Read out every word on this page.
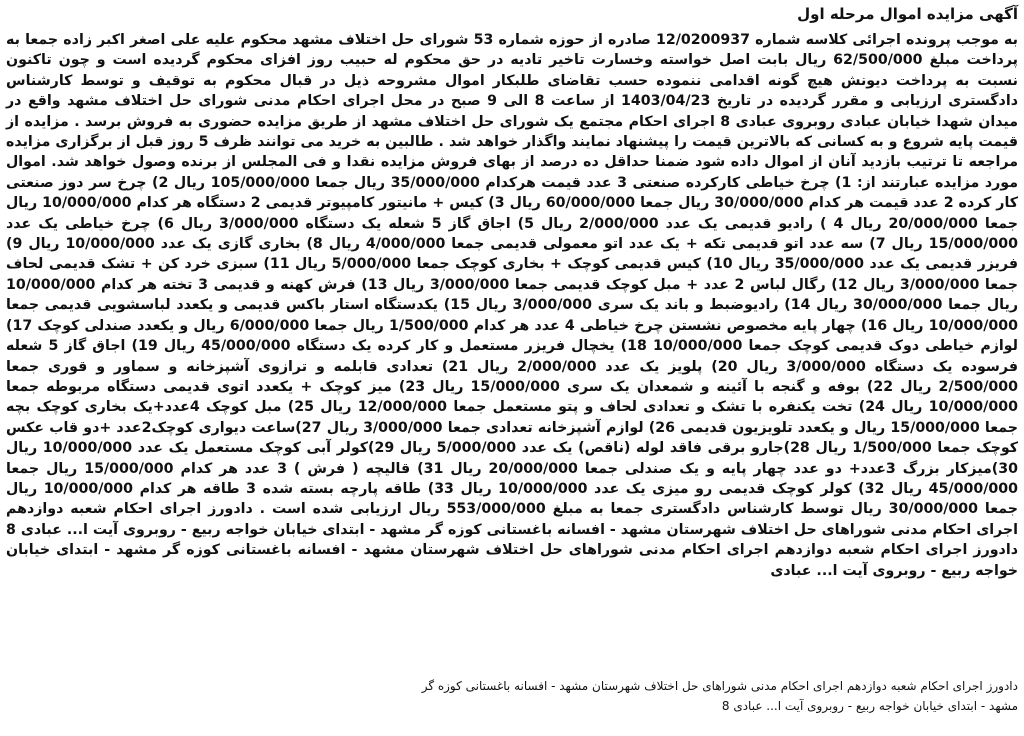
آگهی مزایده اموال مرحله اول

به موجب پرونده اجرائی کلاسه شماره 12/0200937 صادره از حوزه شماره 53 شورای حل اختلاف مشهد محکوم علیه علی اصغر اکبر زاده جمعا به پرداخت مبلغ 62/500/000 ریال بابت اصل خواسته وخسارت تاخیر تادیه در حق محکوم له حبیب روز افزای محکوم گردیده است و چون تاکنون نسبت به پرداخت دیونش هیچ گونه اقدامی ننموده حسب تقاضای طلبکار اموال مشروحه ذیل در قبال محکوم به توقیف و توسط کارشناس دادگستری ارزیابی و مقرر گردیده در تاریخ 1403/04/23 از ساعت 8 الی 9 صبح در محل اجرای احکام مدنی شورای حل اختلاف مشهد واقع در میدان شهدا خیابان عبادی روبروی عبادی 8 اجرای احکام مجتمع یک شورای حل اختلاف مشهد از طریق مزایده حضوری به فروش برسد . مزایده از قیمت پایه شروع و به کسانی که بالاترین قیمت را پیشنهاد نمایند واگذار خواهد شد . طالبین به خرید می توانند ظرف 5 روز قبل از برگزاری مزایده مراجعه تا ترتیب بازدید آنان از اموال داده شود ضمنا حداقل ده درصد از بهای فروش مزایده نقدا و فی المجلس از برنده وصول خواهد شد. اموال مورد مزایده عبارتند از: 1) چرخ خیاطی کارکرده صنعتی 3 عدد قیمت هرکدام 35/000/000 ریال جمعا 105/000/000 ریال 2) چرخ سر دوز صنعتی کار کرده 2 عدد قیمت هر کدام 30/000/000 ریال جمعا 60/000/000 ریال 3) کیس + مانیتور کامپیوتر قدیمی 2 دستگاه هر کدام 10/000/000 ریال جمعا 20/000/000 ریال 4 ) رادیو قدیمی یک عدد 2/000/000 ریال 5) اجاق گاز 5 شعله یک دستگاه 3/000/000 ریال 6) چرخ خیاطی یک عدد 15/000/000 ریال 7) سه عدد اتو قدیمی تکه + یک عدد اتو معمولی قدیمی جمعا 4/000/000 ریال 8) بخاری گازی یک عدد 10/000/000 ریال 9) فریزر قدیمی یک عدد 35/000/000 ریال 10) کیس قدیمی کوچک + بخاری کوچک جمعا 5/000/000 ریال 11) سبزی خرد کن + تشک قدیمی لحاف جمعا 3/000/000 ریال 12) رگال لباس 2 عدد + مبل کوچک قدیمی جمعا 3/000/000 ریال 13) فرش کهنه و قدیمی 3 تخته هر کدام 10/000/000 ریال جمعا 30/000/000 ریال 14) رادیوضبط و باند یک سری 3/000/000 ریال 15) یکدستگاه استار باکس قدیمی و یکعدد لباسشویی قدیمی جمعا 10/000/000 ریال 16) چهار پایه مخصوص نشستن چرخ خیاطی 4 عدد هر کدام 1/500/000 ریال جمعا 6/000/000 ریال و یکعدد صندلی کوچک 17) لوازم خیاطی دوک قدیمی کوچک جمعا 10/000/000 18) یخچال فریزر مستعمل و کار کرده یک دستگاه 45/000/000 ریال 19) اجاق گاز 5 شعله فرسوده یک دستگاه 3/000/000 ریال 20) پلویز یک عدد 2/000/000 ریال 21) تعدادی قابلمه و ترازوی آشپزخانه و سماور و قوری جمعا 2/500/000 ریال 22) بوفه و گنجه با آئینه و شمعدان یک سری 15/000/000 ریال 23) میز کوچک + یکعدد اتوی قدیمی دستگاه مربوطه جمعا 10/000/000 ریال 24) تخت یکنفره با تشک و تعدادی لحاف و پتو مستعمل جمعا 12/000/000 ریال 25) مبل کوچک 4عدد+یک بخاری کوچک بچه جمعا 15/000/000 ریال و یکعدد تلویزیون قدیمی 26) لوازم آشپزخانه تعدادی جمعا 3/000/000 ریال 27)ساعت دیواری کوچک2عدد +دو قاب عکس کوچک جمعا 1/500/000 ریال 28)جارو برقی فاقد لوله (ناقص) یک عدد 5/000/000 ریال 29)کولر آبی کوچک مستعمل یک عدد 10/000/000 ریال 30)میزکار بزرگ 3عدد+ دو عدد چهار پایه و یک صندلی جمعا 20/000/000 ریال 31) قالیچه ( فرش ) 3 عدد هر کدام 15/000/000 ریال جمعا 45/000/000 ریال 32) کولر کوچک قدیمی رو میزی یک عدد 10/000/000 ریال 33) طاقه پارچه بسته شده 3 طاقه هر کدام 10/000/000 ریال جمعا 30/000/000 ریال توسط کارشناس دادگستری جمعا به مبلغ 553/000/000 ریال ارزیابی شده است . دادورز اجرای احکام شعبه دوازدهم اجرای احکام مدنی شوراهای حل اختلاف شهرستان مشهد - افسانه باغستانی کوزه گر مشهد - ابتدای خیابان خواجه ربیع - روبروی آیت ا... عبادی 8 دادورز اجرای احکام شعبه دوازدهم اجرای احکام مدنی شوراهای حل اختلاف شهرستان مشهد - افسانه باغستانی کوزه گر مشهد - ابتدای خیابان خواجه ربیع - روبروی آیت ا... عبادی

دادورز اجرای احکام شعبه دوازدهم اجرای احکام مدنی شوراهای حل اختلاف شهرستان مشهد - افسانه باغستانی کوزه گر
مشهد - ابتدای خیابان خواجه ربیع - روبروی آیت ا... عبادی 8
